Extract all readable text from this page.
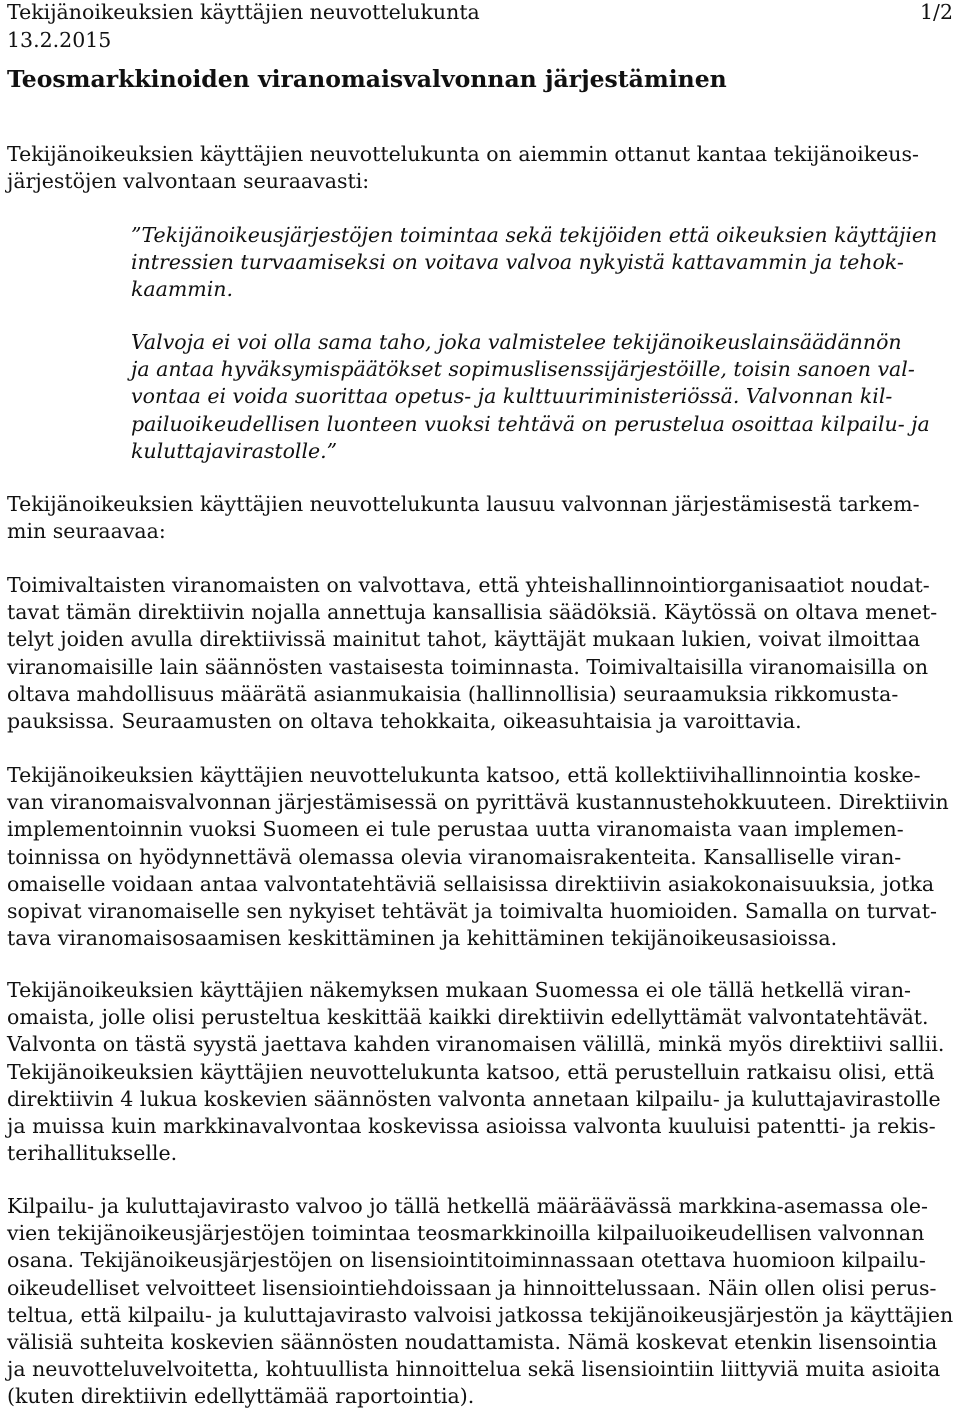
Tekijänoikeuksien käyttäjien neuvottelukunta	1/2
13.2.2015
Teosmarkkinoiden viranomaisvalvonnan järjestäminen
Tekijänoikeuksien käyttäjien neuvottelukunta on aiemmin ottanut kantaa tekijänoikeus-
järjestöjen valvontaan seuraavasti:
”Tekijänoikeusjärjestöjen toimintaa sekä tekijöiden että oikeuksien käyttäjien
intressien turvaamiseksi on voitava valvoa nykyistä kattavammin ja tehok-
kaammin.
Valvoja ei voi olla sama taho, joka valmistelee tekijänoikeuslainsäädännön
ja antaa hyväksymispäätökset sopimuslisenssijärjestöille, toisin sanoen val-
vontaa ei voida suorittaa opetus- ja kulttuuriministeriössä. Valvonnan kil-
pailuoikeudellisen luonteen vuoksi tehtävä on perustelua osoittaa kilpailu- ja
kuluttajavirastolle.”
Tekijänoikeuksien käyttäjien neuvottelukunta lausuu valvonnan järjestämisestä tarkem-
min seuraavaa:
Toimivaltaisten viranomaisten on valvottava, että yhteishallinnointiorganisaatiot noudat-
tavat tämän direktiivin nojalla annettuja kansallisia säädöksiä. Käytössä on oltava menet-
telyt joiden avulla direktiivissä mainitut tahot, käyttäjät mukaan lukien, voivat ilmoittaa
viranomaisille lain säännösten vastaisesta toiminnasta. Toimivaltaisilla viranomaisilla on
oltava mahdollisuus määrätä asianmukaisia (hallinnollisia) seuraamuksia rikkomusta-
pauksissa. Seuraamusten on oltava tehokkaita, oikeasuhtaisia ja varoittavia.
Tekijänoikeuksien käyttäjien neuvottelukunta katsoo, että kollektiivihallinnointia koske-
van viranomaisvalvonnan järjestämisessä on pyrittävä kustannustehokkuuteen. Direktiivin
implementoinnin vuoksi Suomeen ei tule perustaa uutta viranomaista vaan implemen-
toinnissa on hyödynnettävä olemassa olevia viranomaisrakenteita. Kansalliselle viran-
omaiselle voidaan antaa valvontatehtäviä sellaisissa direktiivin asiakokonaisuuksia, jotka
sopivat viranomaiselle sen nykyiset tehtävät ja toimivalta huomioiden. Samalla on turvat-
tava viranomaisosaamisen keskittäminen ja kehittäminen tekijänoikeusasioissa.
Tekijänoikeuksien käyttäjien näkemyksen mukaan Suomessa ei ole tällä hetkellä viran-
omaista, jolle olisi perusteltua keskittää kaikki direktiivin edellyttämät valvontatehtävät.
Valvonta on tästä syystä jaettava kahden viranomaisen välillä, minkä myös direktiivi sallii.
Tekijänoikeuksien käyttäjien neuvottelukunta katsoo, että perustelluin ratkaisu olisi, että
direktiivin 4 lukua koskevien säännösten valvonta annetaan kilpailu- ja kuluttajavirastolle
ja muissa kuin markkinavalvontaa koskevissa asioissa valvonta kuuluisi patentti- ja rekis-
terihallitukselle.
Kilpailu- ja kuluttajavirasto valvoo jo tällä hetkellä määräävässä markkina-asemassa ole-
vien tekijänoikeusjärjestöjen toimintaa teosmarkkinoilla kilpailuoikeudellisen valvonnan
osana. Tekijänoikeusjärjestöjen on lisensiointitoiminnassaan otettava huomioon kilpailu-
oikeudelliset velvoitteet lisensiointiehdoissaan ja hinnoittelussaan. Näin ollen olisi perus-
teltua, että kilpailu- ja kuluttajavirasto valvoisi jatkossa tekijänoikeusjärjestön ja käyttäjien
välisiä suhteita koskevien säännösten noudattamista. Nämä koskevat etenkin lisensointia
ja neuvotteluvelvoitetta, kohtuullista hinnoittelua sekä lisensiointiin liittyviä muita asioita
(kuten direktiivin edellyttämää raportointia).
